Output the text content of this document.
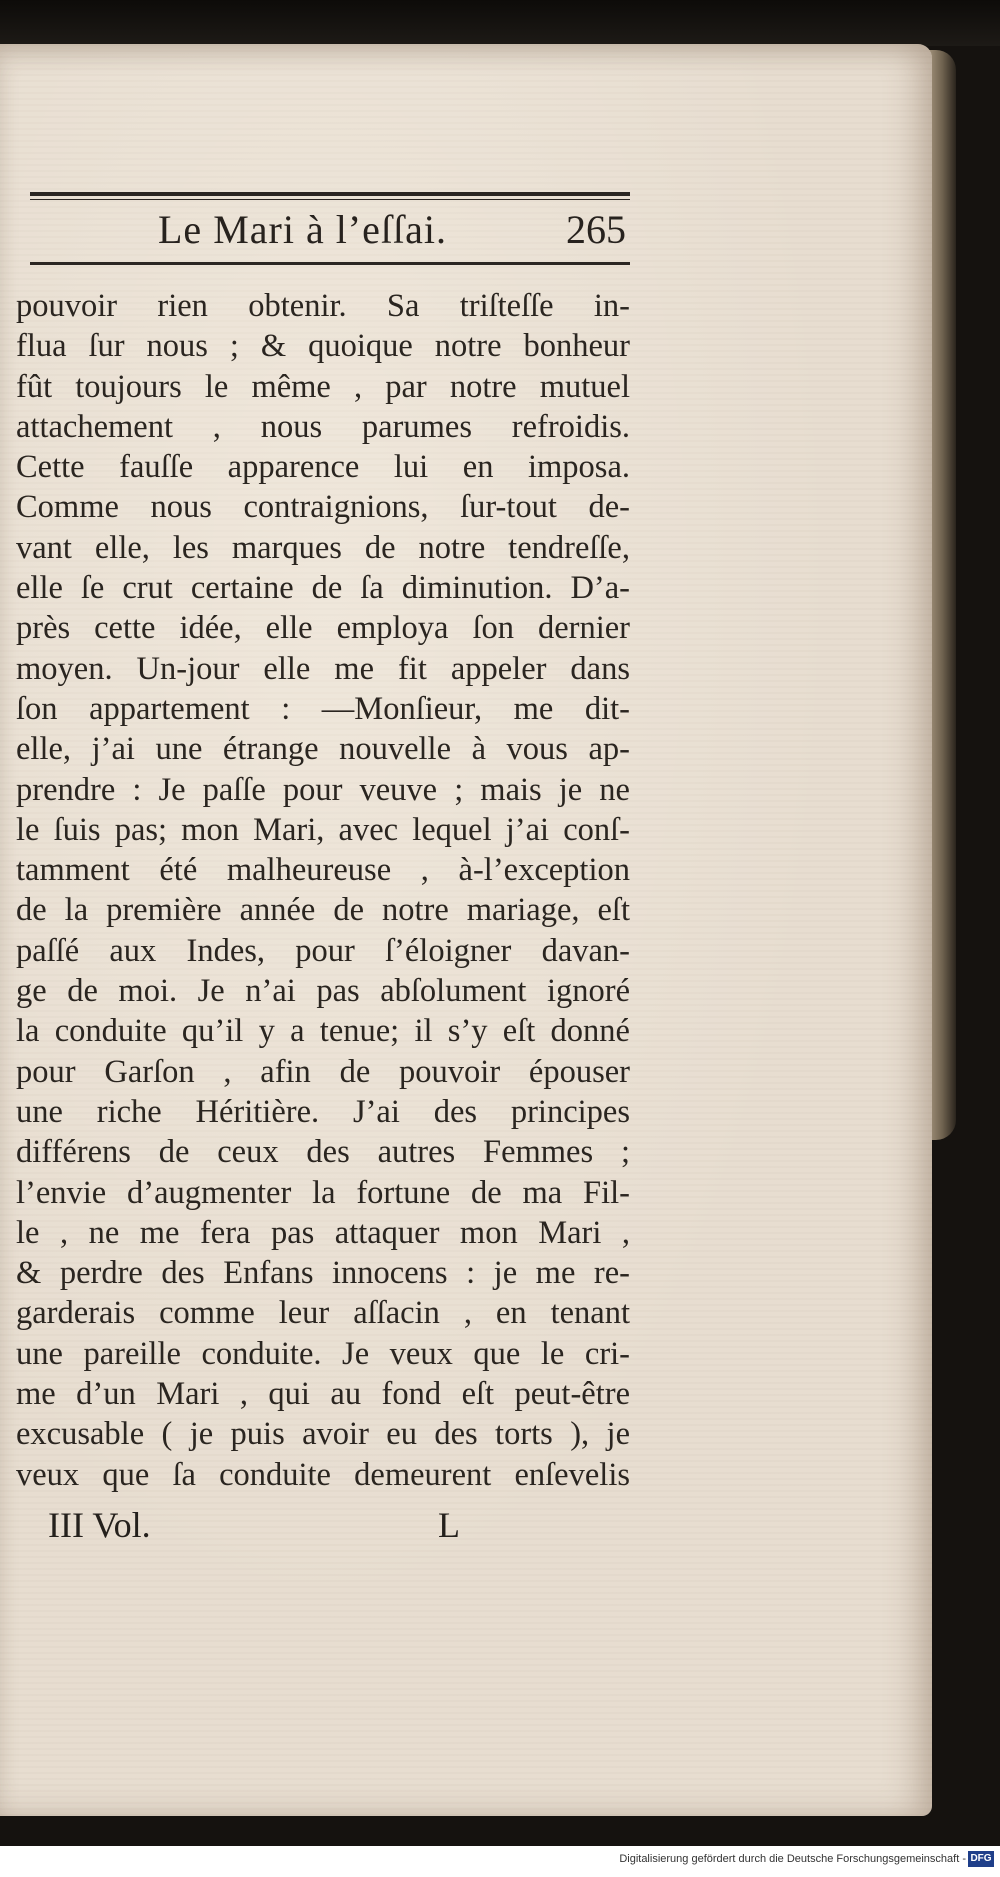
Le Mari à l’eſſai.	265
pouvoir rien obtenir. Sa triſteſſe in-
flua ſur nous ; & quoique notre bonheur
fût toujours le même , par notre mutuel
attachement , nous parumes refroidis.
Cette fauſſe apparence lui en imposa.
Comme nous contraignions, ſur-tout de-
vant elle, les marques de notre tendreſſe,
elle ſe crut certaine de ſa diminution. D’a-
près cette idée, elle employa ſon dernier
moyen. Un-jour elle me fit appeler dans
ſon appartement : —Monſieur, me dit-
elle, j’ai une étrange nouvelle à vous ap-
prendre : Je paſſe pour veuve ; mais je ne
le ſuis pas; mon Mari, avec lequel j’ai conſ-
tamment été malheureuse , à-l’exception
de la première année de notre mariage, eſt
paſſé aux Indes, pour ſ’éloigner davan-
ge de moi. Je n’ai pas abſolument ignoré
la conduite qu’il y a tenue; il s’y eſt donné
pour Garſon , afin de pouvoir épouser
une riche Héritière. J’ai des principes
différens de ceux des autres Femmes ;
l’envie d’augmenter la fortune de ma Fil-
le , ne me fera pas attaquer mon Mari ,
& perdre des Enfans innocens : je me re-
garderais comme leur aſſacin , en tenant
une pareille conduite. Je veux que le cri-
me d’un Mari , qui au fond eſt peut-être
excusable ( je puis avoir eu des torts ), je
veux que ſa conduite demeurent enſevelis
III Vol.	L
Digitalisierung gefördert durch die Deutsche Forschungsgemeinschaft - DFG
